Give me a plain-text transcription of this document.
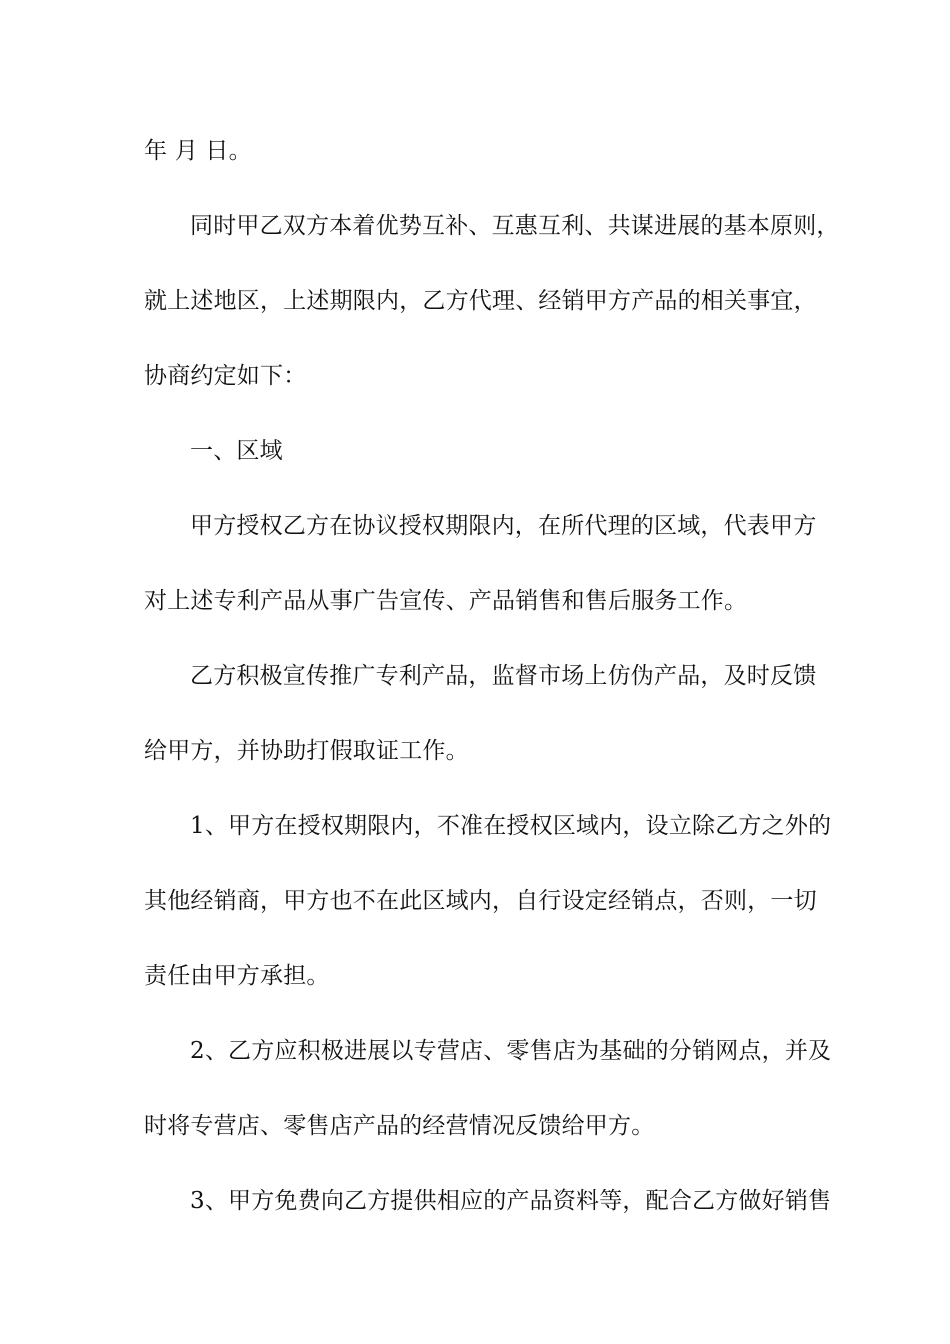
年 月 日。
同时甲乙双方本着优势互补、互惠互利、共谋进展的基本原则，
就上述地区，上述期限内，乙方代理、经销甲方产品的相关事宜，
协商约定如下：
一、区域
甲方授权乙方在协议授权期限内，在所代理的区域，代表甲方
对上述专利产品从事广告宣传、产品销售和售后服务工作。
乙方积极宣传推广专利产品，监督市场上仿伪产品，及时反馈
给甲方，并协助打假取证工作。
1、甲方在授权期限内，不准在授权区域内，设立除乙方之外的
其他经销商，甲方也不在此区域内，自行设定经销点，否则，一切
责任由甲方承担。
2、乙方应积极进展以专营店、零售店为基础的分销网点，并及
时将专营店、零售店产品的经营情况反馈给甲方。
3、甲方免费向乙方提供相应的产品资料等，配合乙方做好销售
